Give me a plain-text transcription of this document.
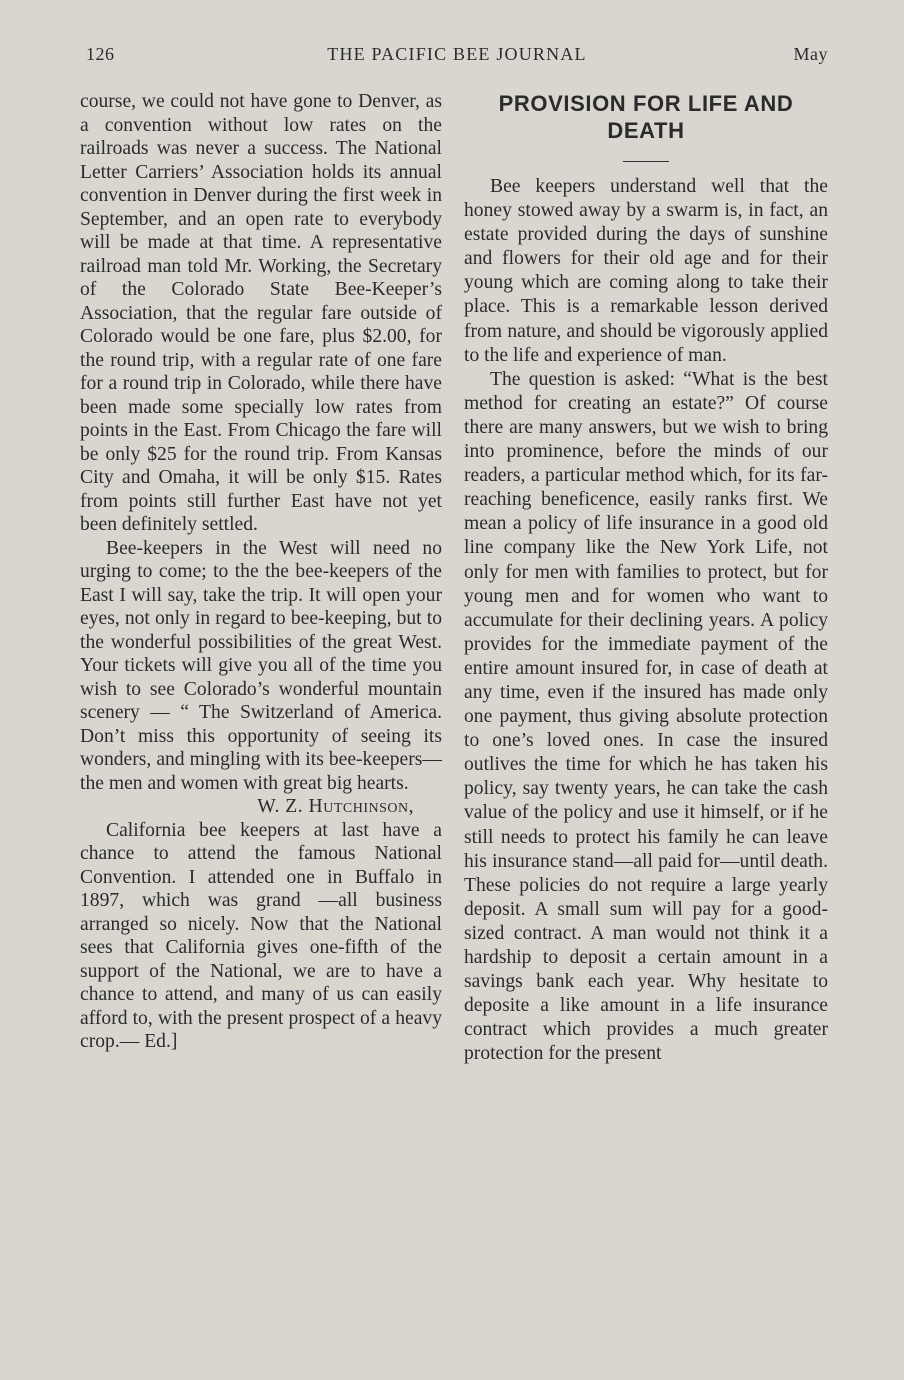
126	THE PACIFIC BEE JOURNAL	May

course, we could not have gone to Denver, as a convention without low rates on the railroads was never a success. The National Letter Carriers’ Association holds its annual convention in Denver during the first week in September, and an open rate to everybody will be made at that time. A representative railroad man told Mr. Working, the Secretary of the Colorado State Bee-Keeper’s Association, that the regular fare outside of Colorado would be one fare, plus $2.00, for the round trip, with a regular rate of one fare for a round trip in Colorado, while there have been made some specially low rates from points in the East. From Chicago the fare will be only $25 for the round trip. From Kansas City and Omaha, it will be only $15. Rates from points still further East have not yet been definitely settled.

Bee-keepers in the West will need no urging to come; to the the bee-keepers of the East I will say, take the trip. It will open your eyes, not only in regard to bee-keeping, but to the wonderful possibilities of the great West. Your tickets will give you all of the time you wish to see Colorado’s wonderful mountain scenery — “ The Switzerland of America. Don’t miss this opportunity of seeing its wonders, and mingling with its bee-keepers—the men and women with great big hearts.

W. Z. Hutchinson,

California bee keepers at last have a chance to attend the famous National Convention. I attended one in Buffalo in 1897, which was grand —all business arranged so nicely. Now that the National sees that California gives one-fifth of the support of the National, we are to have a chance to attend, and many of us can easily afford to, with the present prospect of a heavy crop.— Ed.]

PROVISION FOR LIFE AND
DEATH

Bee keepers understand well that the honey stowed away by a swarm is, in fact, an estate provided during the days of sunshine and flowers for their old age and for their young which are coming along to take their place. This is a remarkable lesson derived from nature, and should be vigorously applied to the life and experience of man.

The question is asked: “What is the best method for creating an estate?” Of course there are many answers, but we wish to bring into prominence, before the minds of our readers, a particular method which, for its far-reaching beneficence, easily ranks first. We mean a policy of life insurance in a good old line company like the New York Life, not only for men with families to protect, but for young men and for women who want to accumulate for their declining years. A policy provides for the immediate payment of the entire amount insured for, in case of death at any time, even if the insured has made only one payment, thus giving absolute protection to one’s loved ones. In case the insured outlives the time for which he has taken his policy, say twenty years, he can take the cash value of the policy and use it himself, or if he still needs to protect his family he can leave his insurance stand—all paid for—until death. These policies do not require a large yearly deposit. A small sum will pay for a good-sized contract. A man would not think it a hardship to deposit a certain amount in a savings bank each year. Why hesitate to deposite a like amount in a life insurance contract which provides a much greater protection for the present
